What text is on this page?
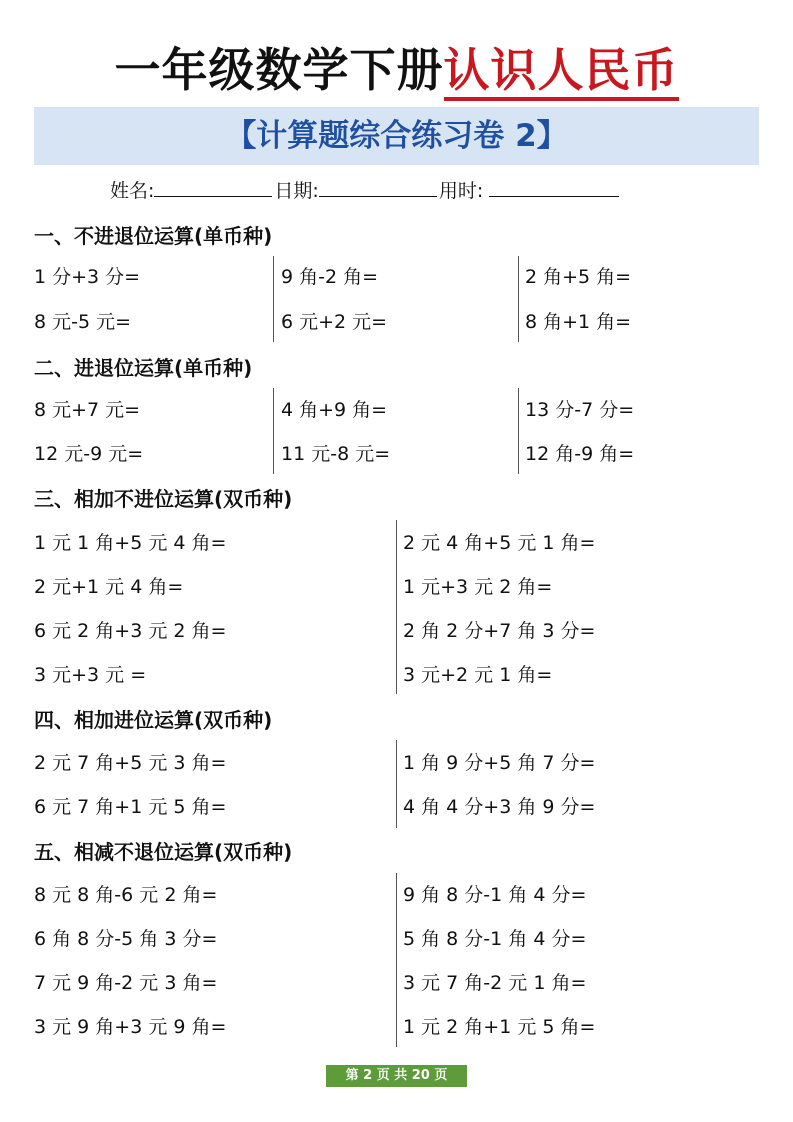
一年级数学下册认识人民币
【计算题综合练习卷 2】
姓名:	日期:	用时:
一、不进退位运算(单币种)
1 分+3 分=	9 角-2 角=	2 角+5 角=
8 元-5 元=	6 元+2 元=	8 角+1 角=
二、进退位运算(单币种)
8 元+7 元=	4 角+9 角=	13 分-7 分=
12 元-9 元=	11 元-8 元=	12 角-9 角=
三、相加不进位运算(双币种)
1 元 1 角+5 元 4 角=	2 元 4 角+5 元 1 角=
2 元+1 元 4 角=	1 元+3 元 2 角=
6 元 2 角+3 元 2 角=	2 角 2 分+7 角 3 分=
3 元+3 元 =	3 元+2 元 1 角=
四、相加进位运算(双币种)
2 元 7 角+5 元 3 角=	1 角 9 分+5 角 7 分=
6 元 7 角+1 元 5 角=	4 角 4 分+3 角 9 分=
五、相减不退位运算(双币种)
8 元 8 角-6 元 2 角=	9 角 8 分-1 角 4 分=
6 角 8 分-5 角 3 分=	5 角 8 分-1 角 4 分=
7 元 9 角-2 元 3 角=	3 元 7 角-2 元 1 角=
3 元 9 角+3 元 9 角=	1 元 2 角+1 元 5 角=
第 2 页 共 20 页
